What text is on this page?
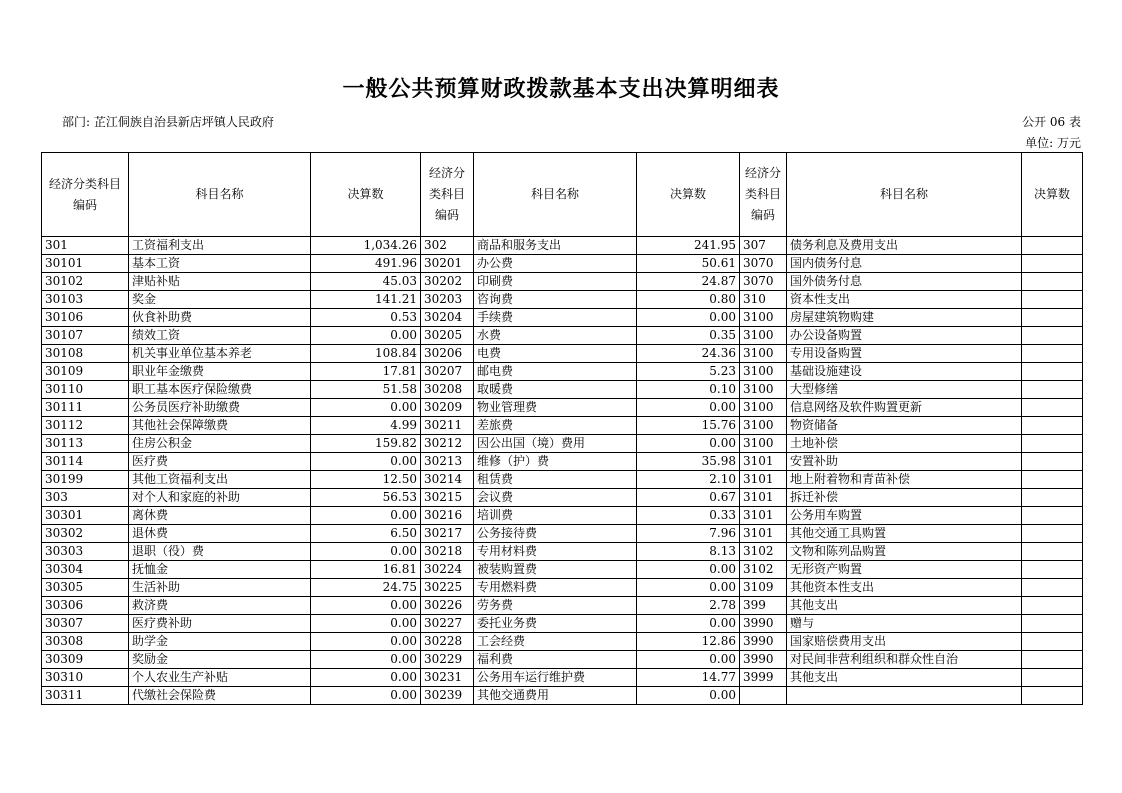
一般公共预算财政拨款基本支出决算明细表
部门: 芷江侗族自治县新店坪镇人民政府	公开 06 表
单位: 万元
经济分类科目编码	科目名称	决算数	经济分类科目编码	科目名称	决算数	经济分类科目编码	科目名称	决算数
301	工资福利支出	1,034.26	302	商品和服务支出	241.95	307	债务利息及费用支出	
30101	基本工资	491.96	30201	办公费	50.61	3070	国内债务付息	
30102	津贴补贴	45.03	30202	印刷费	24.87	3070	国外债务付息	
30103	奖金	141.21	30203	咨询费	0.80	310	资本性支出	
30106	伙食补助费	0.53	30204	手续费	0.00	3100	房屋建筑物购建	
30107	绩效工资	0.00	30205	水费	0.35	3100	办公设备购置	
30108	机关事业单位基本养老	108.84	30206	电费	24.36	3100	专用设备购置	
30109	职业年金缴费	17.81	30207	邮电费	5.23	3100	基础设施建设	
30110	职工基本医疗保险缴费	51.58	30208	取暖费	0.10	3100	大型修缮	
30111	公务员医疗补助缴费	0.00	30209	物业管理费	0.00	3100	信息网络及软件购置更新	
30112	其他社会保障缴费	4.99	30211	差旅费	15.76	3100	物资储备	
30113	住房公积金	159.82	30212	因公出国（境）费用	0.00	3100	土地补偿	
30114	医疗费	0.00	30213	维修（护）费	35.98	3101	安置补助	
30199	其他工资福利支出	12.50	30214	租赁费	2.10	3101	地上附着物和青苗补偿	
303	对个人和家庭的补助	56.53	30215	会议费	0.67	3101	拆迁补偿	
30301	离休费	0.00	30216	培训费	0.33	3101	公务用车购置	
30302	退休费	6.50	30217	公务接待费	7.96	3101	其他交通工具购置	
30303	退职（役）费	0.00	30218	专用材料费	8.13	3102	文物和陈列品购置	
30304	抚恤金	16.81	30224	被装购置费	0.00	3102	无形资产购置	
30305	生活补助	24.75	30225	专用燃料费	0.00	3109	其他资本性支出	
30306	救济费	0.00	30226	劳务费	2.78	399	其他支出	
30307	医疗费补助	0.00	30227	委托业务费	0.00	3990	赠与	
30308	助学金	0.00	30228	工会经费	12.86	3990	国家赔偿费用支出	
30309	奖励金	0.00	30229	福利费	0.00	3990	对民间非营利组织和群众性自治	
30310	个人农业生产补贴	0.00	30231	公务用车运行维护费	14.77	3999	其他支出	
30311	代缴社会保险费	0.00	30239	其他交通费用	0.00			
